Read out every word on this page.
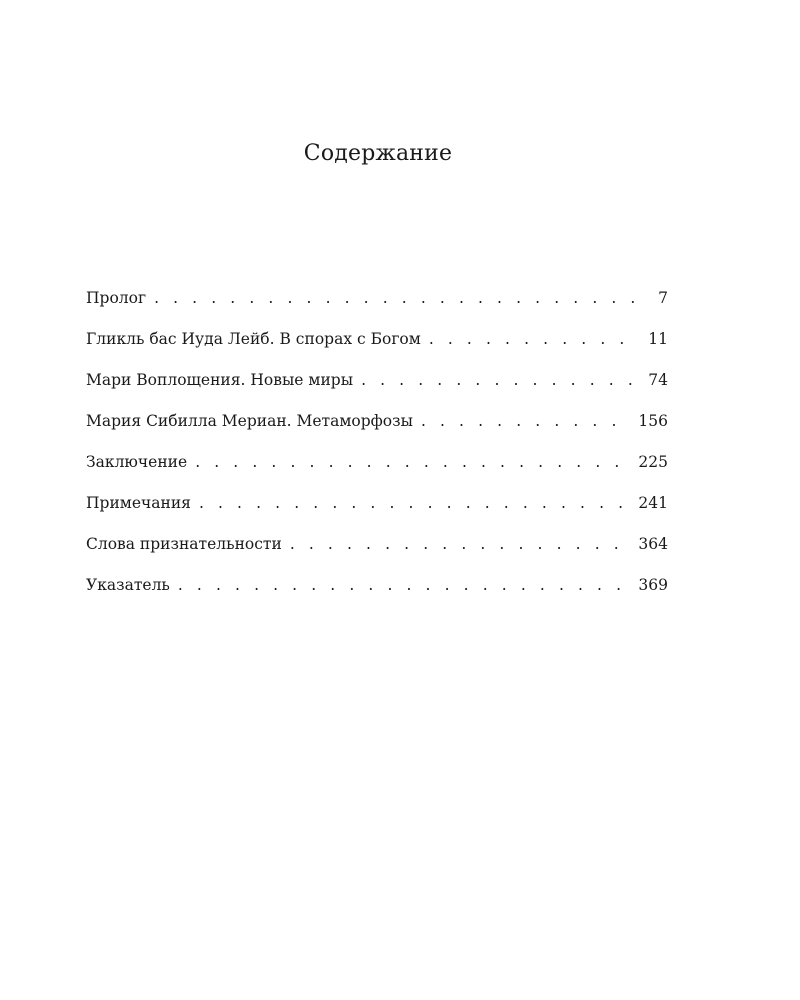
Содержание
Пролог . . .	7
Гликль бас Иуда Лейб. В спорах с Богом . . .	11
Мари Воплощения. Новые миры . . .	74
Мария Сибилла Мериан. Метаморфозы . . .	156
Заключение . . .	225
Примечания . . .	241
Слова признательности . . .	364
Указатель . . .	369
